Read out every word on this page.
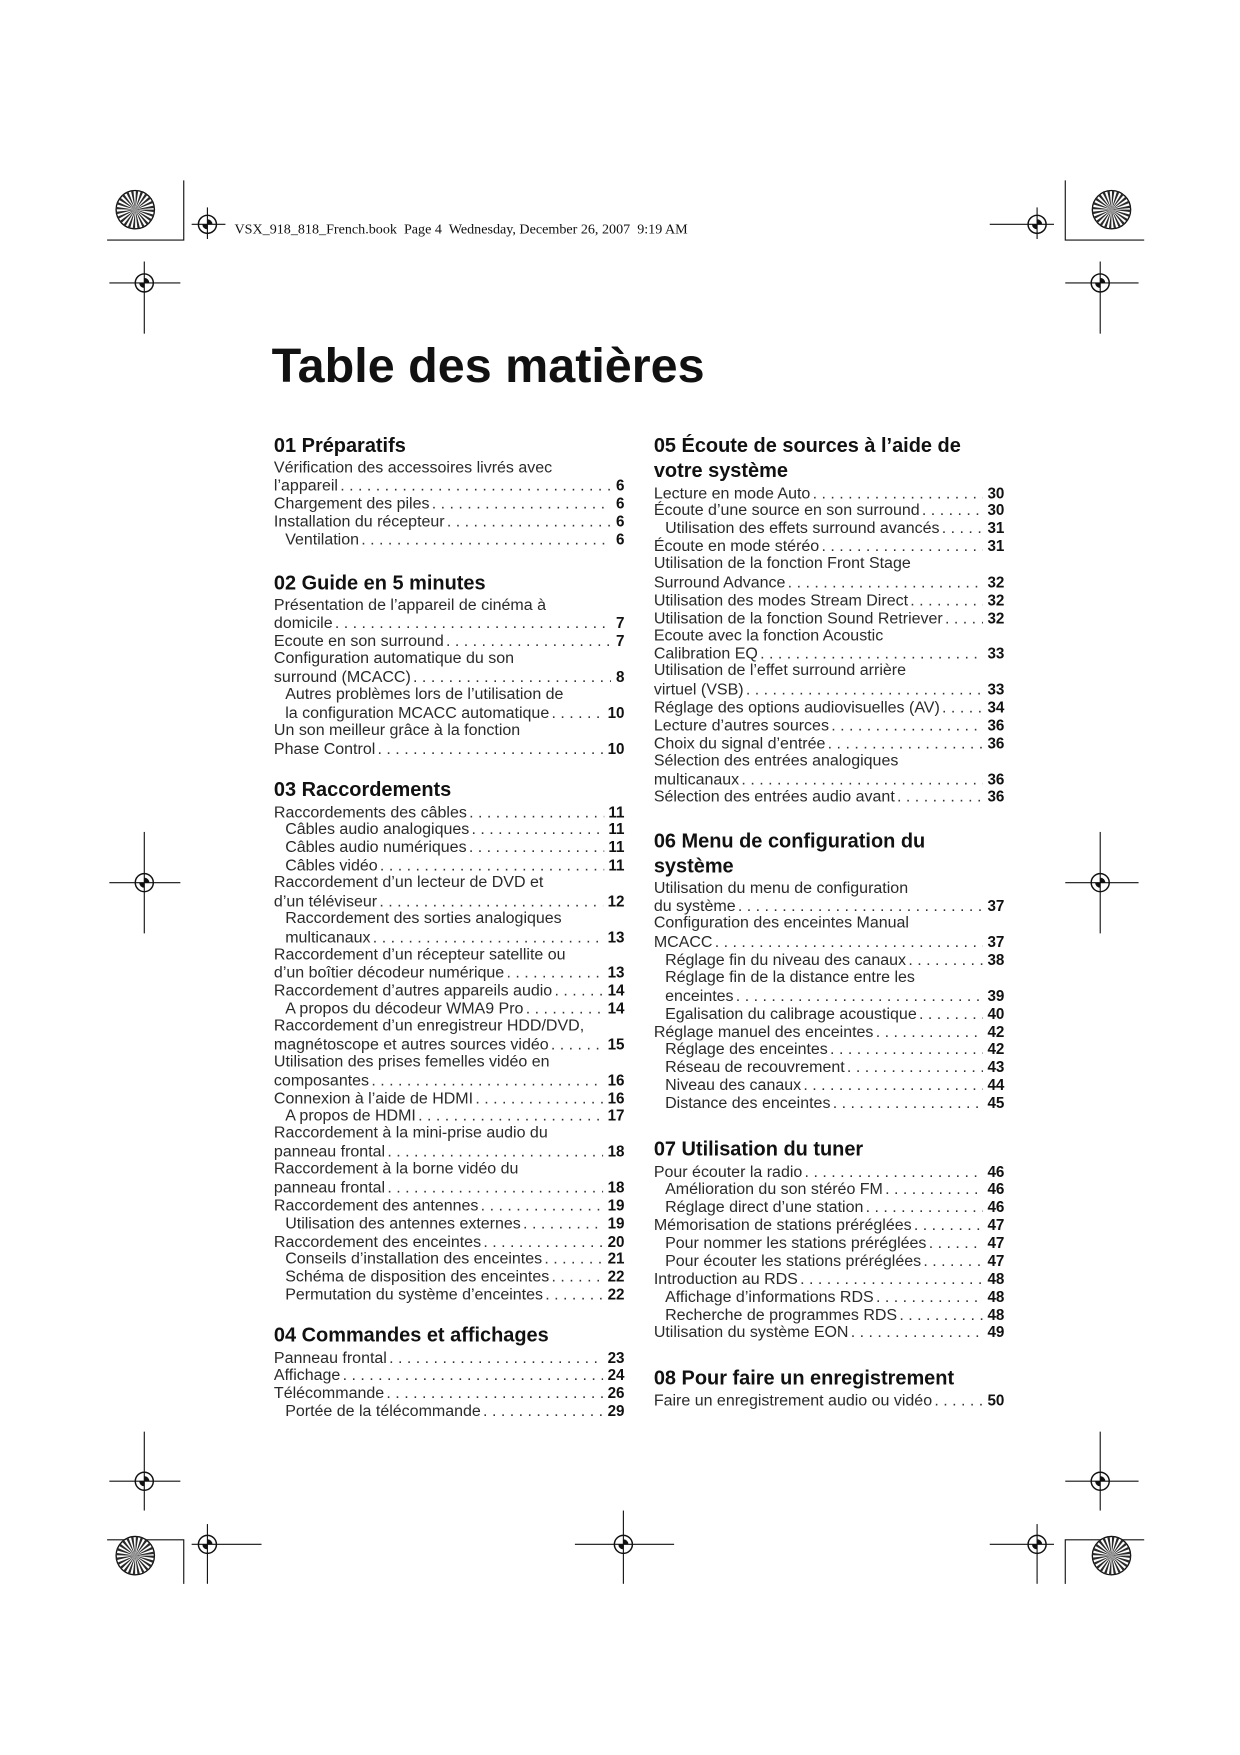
VSX_918_818_French.book  Page 4  Wednesday, December 26, 2007  9:19 AM
Table des matières
01 Préparatifs
Vérification des accessoires livrés avec
l’appareil . . .	6
Chargement des piles . . .	6
Installation du récepteur . . .	6
Ventilation . . .	6
02 Guide en 5 minutes
Présentation de l’appareil de cinéma à
domicile . . .	7
Ecoute en son surround . . .	7
Configuration automatique du son
surround (MCACC) . . .	8
Autres problèmes lors de l’utilisation de
la configuration MCACC automatique . . .	10
Un son meilleur grâce à la fonction
Phase Control . . .	10
03 Raccordements
Raccordements des câbles . . .	11
Câbles audio analogiques . . .	11
Câbles audio numériques . . .	11
Câbles vidéo . . .	11
Raccordement d’un lecteur de DVD et
d’un téléviseur . . .	12
Raccordement des sorties analogiques
multicanaux . . .	13
Raccordement d’un récepteur satellite ou
d’un boîtier décodeur numérique . . .	13
Raccordement d’autres appareils audio . . .	14
A propos du décodeur WMA9 Pro . . .	14
Raccordement d’un enregistreur HDD/DVD,
magnétoscope et autres sources vidéo . . .	15
Utilisation des prises femelles vidéo en
composantes . . .	16
Connexion à l’aide de HDMI . . .	16
A propos de HDMI . . .	17
Raccordement à la mini-prise audio du
panneau frontal . . .	18
Raccordement à la borne vidéo du
panneau frontal . . .	18
Raccordement des antennes . . .	19
Utilisation des antennes externes . . .	19
Raccordement des enceintes . . .	20
Conseils d’installation des enceintes . . .	21
Schéma de disposition des enceintes . . .	22
Permutation du système d’enceintes . . .	22
04 Commandes et affichages
Panneau frontal . . .	23
Affichage . . .	24
Télécommande . . .	26
Portée de la télécommande . . .	29
05 Écoute de sources à l’aide de
votre système
Lecture en mode Auto . . .	30
Écoute d’une source en son surround . . .	30
Utilisation des effets surround avancés . . .	31
Écoute en mode stéréo . . .	31
Utilisation de la fonction Front Stage
Surround Advance . . .	32
Utilisation des modes Stream Direct . . .	32
Utilisation de la fonction Sound Retriever . . .	32
Ecoute avec la fonction Acoustic
Calibration EQ . . .	33
Utilisation de l’effet surround arrière
virtuel (VSB) . . .	33
Réglage des options audiovisuelles (AV) . . .	34
Lecture d’autres sources . . .	36
Choix du signal d’entrée . . .	36
Sélection des entrées analogiques
multicanaux . . .	36
Sélection des entrées audio avant . . .	36
06 Menu de configuration du
système
Utilisation du menu de configuration
du système . . .	37
Configuration des enceintes Manual
MCACC . . .	37
Réglage fin du niveau des canaux . . .	38
Réglage fin de la distance entre les
enceintes . . .	39
Egalisation du calibrage acoustique . . .	40
Réglage manuel des enceintes . . .	42
Réglage des enceintes . . .	42
Réseau de recouvrement . . .	43
Niveau des canaux . . .	44
Distance des enceintes . . .	45
07 Utilisation du tuner
Pour écouter la radio . . .	46
Amélioration du son stéréo FM . . .	46
Réglage direct d’une station . . .	46
Mémorisation de stations préréglées . . .	47
Pour nommer les stations préréglées . . .	47
Pour écouter les stations préréglées . . .	47
Introduction au RDS . . .	48
Affichage d’informations RDS . . .	48
Recherche de programmes RDS . . .	48
Utilisation du système EON . . .	49
08 Pour faire un enregistrement
Faire un enregistrement audio ou vidéo . . .	50
